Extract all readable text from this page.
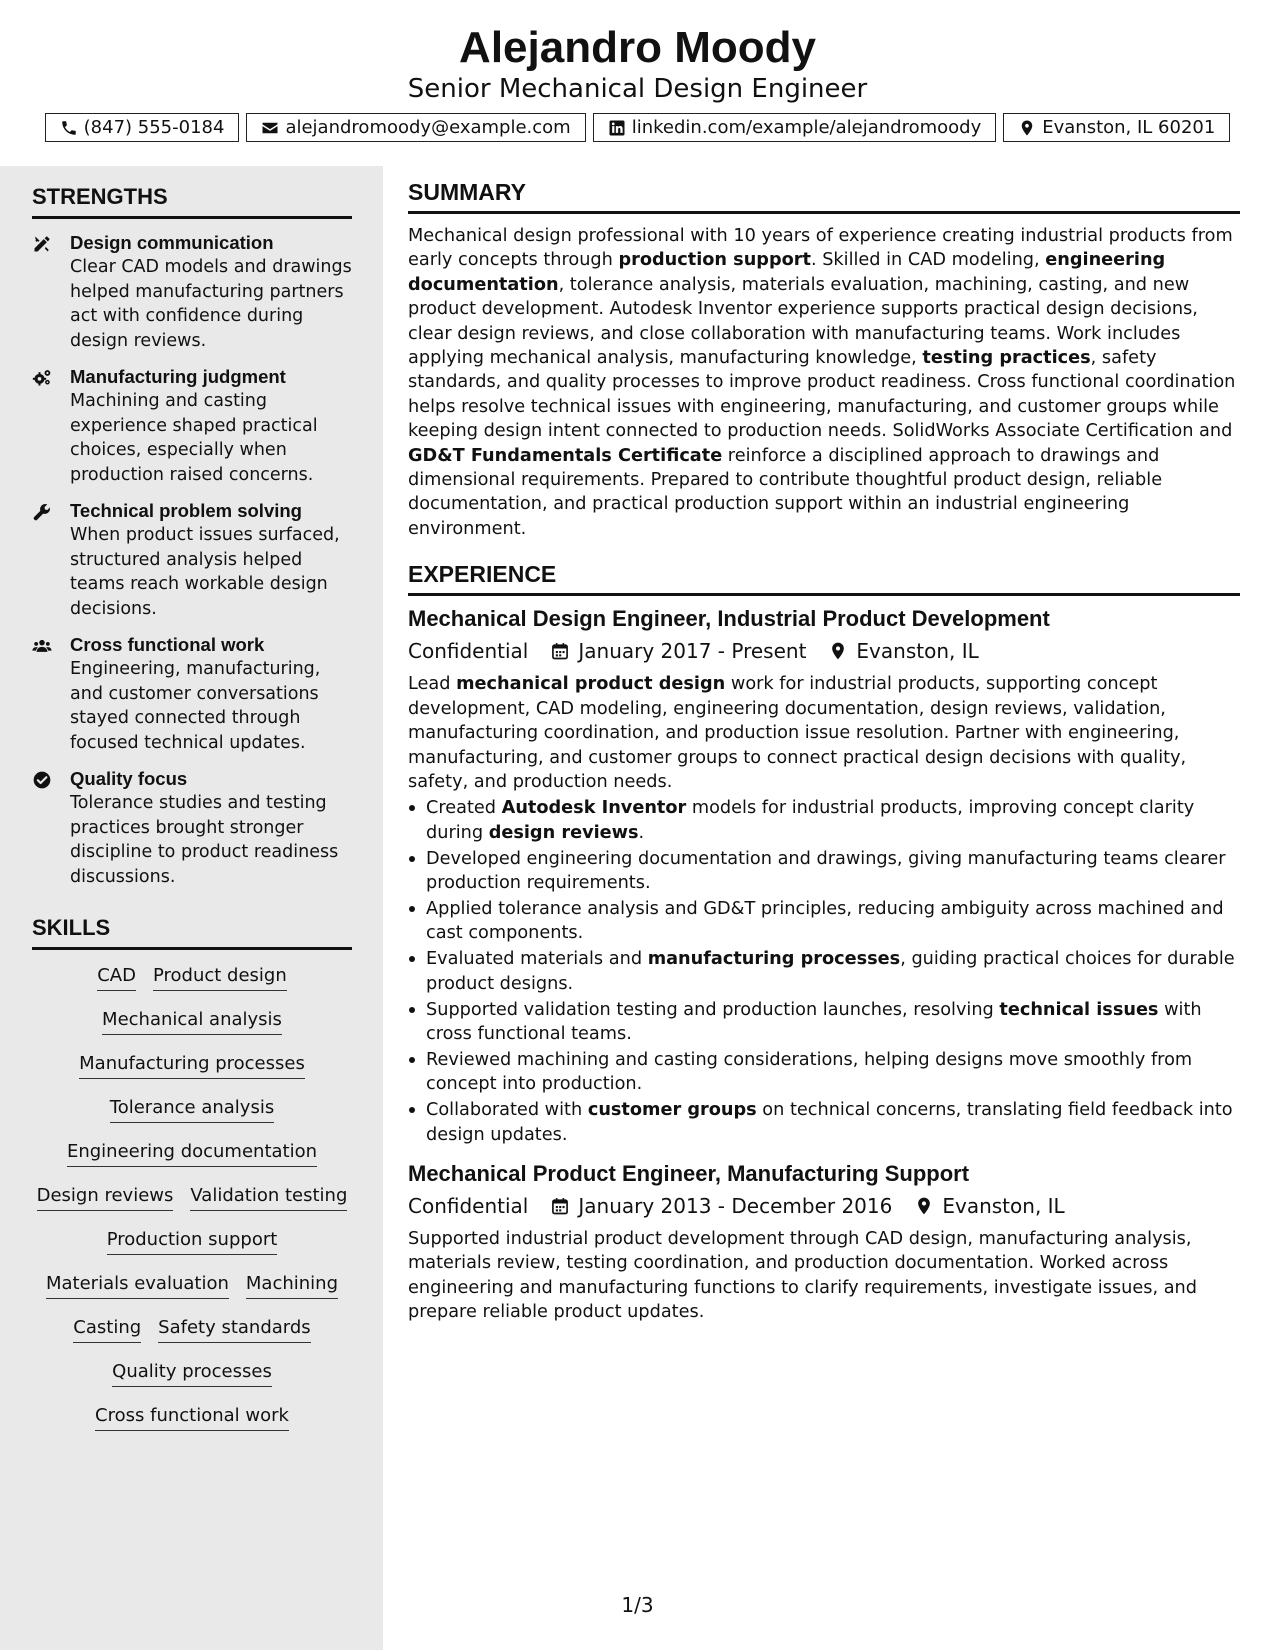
Alejandro Moody
Senior Mechanical Design Engineer
(847) 555-0184	alejandromoody@example.com	linkedin.com/example/alejandromoody	Evanston, IL 60201
STRENGTHS
Design communication
Clear CAD models and drawings helped manufacturing partners act with confidence during design reviews.
Manufacturing judgment
Machining and casting experience shaped practical choices, especially when production raised concerns.
Technical problem solving
When product issues surfaced, structured analysis helped teams reach workable design decisions.
Cross functional work
Engineering, manufacturing, and customer conversations stayed connected through focused technical updates.
Quality focus
Tolerance studies and testing practices brought stronger discipline to product readiness discussions.
SKILLS
CAD Product design
Mechanical analysis
Manufacturing processes
Tolerance analysis
Engineering documentation
Design reviews Validation testing
Production support
Materials evaluation Machining
Casting Safety standards
Quality processes
Cross functional work
SUMMARY

Mechanical design professional with 10 years of experience creating industrial products from early concepts through production support. Skilled in CAD modeling, engineering documentation, tolerance analysis, materials evaluation, machining, casting, and new product development. Autodesk Inventor experience supports practical design decisions, clear design reviews, and close collaboration with manufacturing teams. Work includes applying mechanical analysis, manufacturing knowledge, testing practices, safety standards, and quality processes to improve product readiness. Cross functional coordination helps resolve technical issues with engineering, manufacturing, and customer groups while keeping design intent connected to production needs. SolidWorks Associate Certification and GD&T Fundamentals Certificate reinforce a disciplined approach to drawings and dimensional requirements. Prepared to contribute thoughtful product design, reliable documentation, and practical production support within an industrial engineering environment.

EXPERIENCE
Mechanical Design Engineer, Industrial Product Development
Confidential	January 2017 - Present	Evanston, IL
Lead mechanical product design work for industrial products, supporting concept development, CAD modeling, engineering documentation, design reviews, validation, manufacturing coordination, and production issue resolution. Partner with engineering, manufacturing, and customer groups to connect practical design decisions with quality, safety, and production needs.
Created Autodesk Inventor models for industrial products, improving concept clarity during design reviews.
Developed engineering documentation and drawings, giving manufacturing teams clearer production requirements.
Applied tolerance analysis and GD&T principles, reducing ambiguity across machined and cast components.
Evaluated materials and manufacturing processes, guiding practical choices for durable product designs.
Supported validation testing and production launches, resolving technical issues with cross functional teams.
Reviewed machining and casting considerations, helping designs move smoothly from concept into production.
Collaborated with customer groups on technical concerns, translating field feedback into design updates.
Mechanical Product Engineer, Manufacturing Support
Confidential	January 2013 - December 2016	Evanston, IL
Supported industrial product development through CAD design, manufacturing analysis, materials review, testing coordination, and production documentation. Worked across engineering and manufacturing functions to clarify requirements, investigate issues, and prepare reliable product updates.
1/3
